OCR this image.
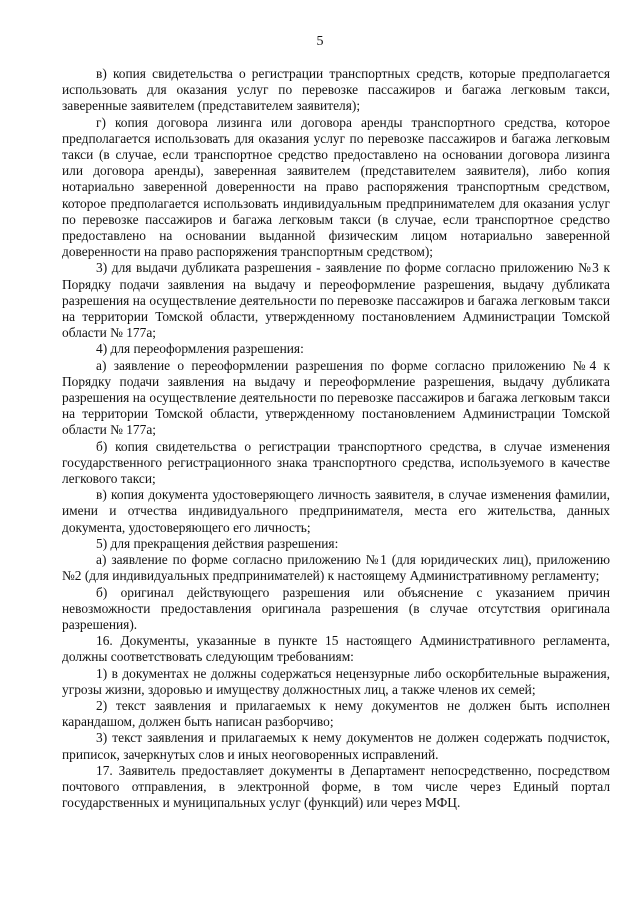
5

в) копия свидетельства о регистрации транспортных средств, которые предполагается использовать для оказания услуг по перевозке пассажиров и багажа легковым такси, заверенные заявителем (представителем заявителя);

г) копия договора лизинга или договора аренды транспортного средства, которое предполагается использовать для оказания услуг по перевозке пассажиров и багажа легковым такси (в случае, если транспортное средство предоставлено на основании договора лизинга или договора аренды), заверенная заявителем (представителем заявителя), либо копия нотариально заверенной доверенности на право распоряжения транспортным средством, которое предполагается использовать индивидуальным предпринимателем для оказания услуг по перевозке пассажиров и багажа легковым такси (в случае, если транспортное средство предоставлено на основании выданной физическим лицом нотариально заверенной доверенности на право распоряжения транспортным средством);

3) для выдачи дубликата разрешения - заявление по форме согласно приложению №3 к Порядку подачи заявления на выдачу и переоформление разрешения, выдачу дубликата разрешения на осуществление деятельности по перевозке пассажиров и багажа легковым такси на территории Томской области, утвержденному постановлением Администрации Томской области № 177а;

4) для переоформления разрешения:

а) заявление о переоформлении разрешения по форме согласно приложению №4 к Порядку подачи заявления на выдачу и переоформление разрешения, выдачу дубликата разрешения на осуществление деятельности по перевозке пассажиров и багажа легковым такси на территории Томской области, утвержденному постановлением Администрации Томской области № 177а;

б) копия свидетельства о регистрации транспортного средства, в случае изменения государственного регистрационного знака транспортного средства, используемого в качестве легкового такси;

в) копия документа удостоверяющего личность заявителя, в случае изменения фамилии, имени и отчества индивидуального предпринимателя, места его жительства, данных документа, удостоверяющего его личность;

5) для прекращения действия разрешения:

а) заявление по форме согласно приложению №1 (для юридических лиц), приложению №2 (для индивидуальных предпринимателей) к настоящему Административному регламенту;

б) оригинал действующего разрешения или объяснение с указанием причин невозможности предоставления оригинала разрешения (в случае отсутствия оригинала разрешения).

16. Документы, указанные в пункте 15 настоящего Административного регламента, должны соответствовать следующим требованиям:

1) в документах не должны содержаться нецензурные либо оскорбительные выражения, угрозы жизни, здоровью и имуществу должностных лиц, а также членов их семей;

2) текст заявления и прилагаемых к нему документов не должен быть исполнен карандашом, должен быть написан разборчиво;

3) текст заявления и прилагаемых к нему документов не должен содержать подчисток, приписок, зачеркнутых слов и иных неоговоренных исправлений.

17. Заявитель предоставляет документы в Департамент непосредственно, посредством почтового отправления, в электронной форме, в том числе через Единый портал государственных и муниципальных услуг (функций) или через МФЦ.
